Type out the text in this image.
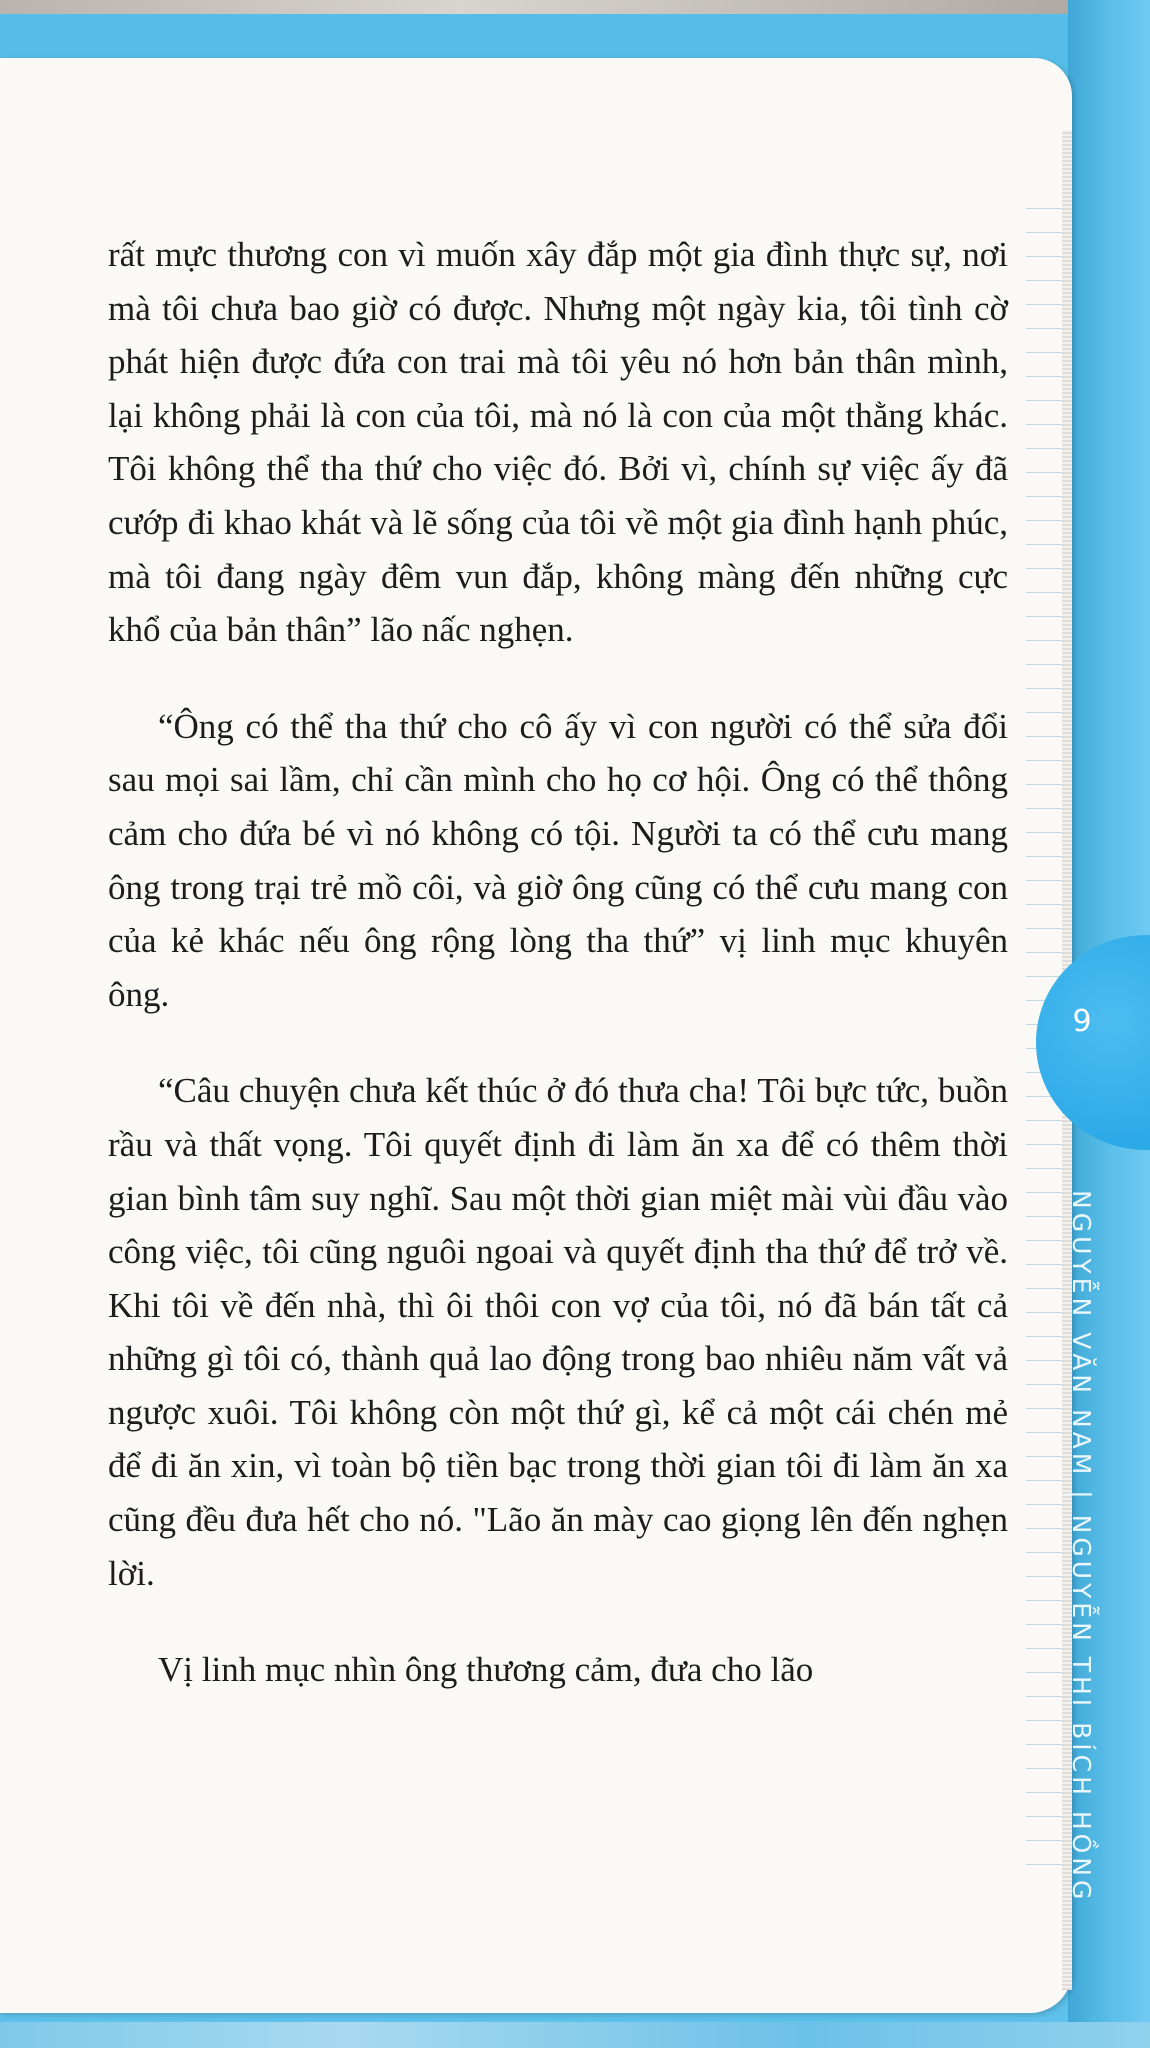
rất mực thương con vì muốn xây đắp một gia đình thực sự, nơi mà tôi chưa bao giờ có được. Nhưng một ngày kia, tôi tình cờ phát hiện được đứa con trai mà tôi yêu nó hơn bản thân mình, lại không phải là con của tôi, mà nó là con của một thằng khác. Tôi không thể tha thứ cho việc đó. Bởi vì, chính sự việc ấy đã cướp đi khao khát và lẽ sống của tôi về một gia đình hạnh phúc, mà tôi đang ngày đêm vun đắp, không màng đến những cực khổ của bản thân” lão nấc nghẹn.

“Ông có thể tha thứ cho cô ấy vì con người có thể sửa đổi sau mọi sai lầm, chỉ cần mình cho họ cơ hội. Ông có thể thông cảm cho đứa bé vì nó không có tội. Người ta có thể cưu mang ông trong trại trẻ mồ côi, và giờ ông cũng có thể cưu mang con của kẻ khác nếu ông rộng lòng tha thứ” vị linh mục khuyên ông.

“Câu chuyện chưa kết thúc ở đó thưa cha! Tôi bực tức, buồn rầu và thất vọng. Tôi quyết định đi làm ăn xa để có thêm thời gian bình tâm suy nghĩ. Sau một thời gian miệt mài vùi đầu vào công việc, tôi cũng nguôi ngoai và quyết định tha thứ để trở về. Khi tôi về đến nhà, thì ôi thôi con vợ của tôi, nó đã bán tất cả những gì tôi có, thành quả lao động trong bao nhiêu năm vất vả ngược xuôi. Tôi không còn một thứ gì, kể cả một cái chén mẻ để đi ăn xin, vì toàn bộ tiền bạc trong thời gian tôi đi làm ăn xa cũng đều đưa hết cho nó. "Lão ăn mày cao giọng lên đến nghẹn lời.

Vị linh mục nhìn ông thương cảm, đưa cho lão

9
NGUYỄN VĂN NAM | NGUYỄN THỊ BÍCH HỒNG
